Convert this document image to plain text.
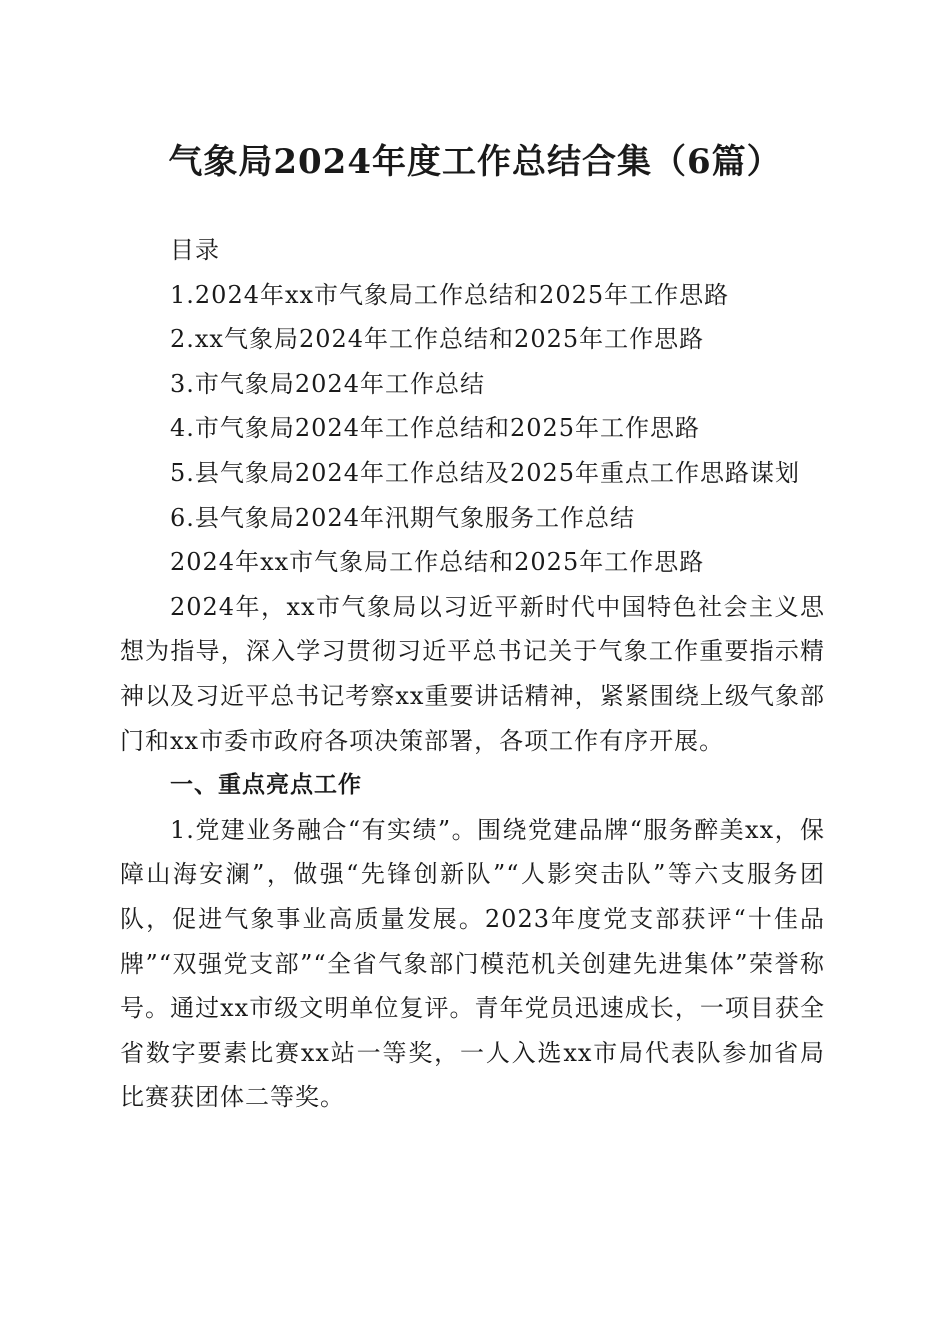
气象局2024年度工作总结合集（6篇）

目录

1.2024年xx市气象局工作总结和2025年工作思路

2.xx气象局2024年工作总结和2025年工作思路

3.市气象局2024年工作总结

4.市气象局2024年工作总结和2025年工作思路

5.县气象局2024年工作总结及2025年重点工作思路谋划

6.县气象局2024年汛期气象服务工作总结

2024年xx市气象局工作总结和2025年工作思路

2024年，xx市气象局以习近平新时代中国特色社会主义思想为指导，深入学习贯彻习近平总书记关于气象工作重要指示精神以及习近平总书记考察xx重要讲话精神，紧紧围绕上级气象部门和xx市委市政府各项决策部署，各项工作有序开展。

一、重点亮点工作

1.党建业务融合“有实绩”。围绕党建品牌“服务醉美xx，保障山海安澜”，做强“先锋创新队”“人影突击队”等六支服务团队，促进气象事业高质量发展。2023年度党支部获评“十佳品牌”“双强党支部”“全省气象部门模范机关创建先进集体”荣誉称号。通过xx市级文明单位复评。青年党员迅速成长，一项目获全省数字要素比赛xx站一等奖，一人入选xx市局代表队参加省局比赛获团体二等奖。
